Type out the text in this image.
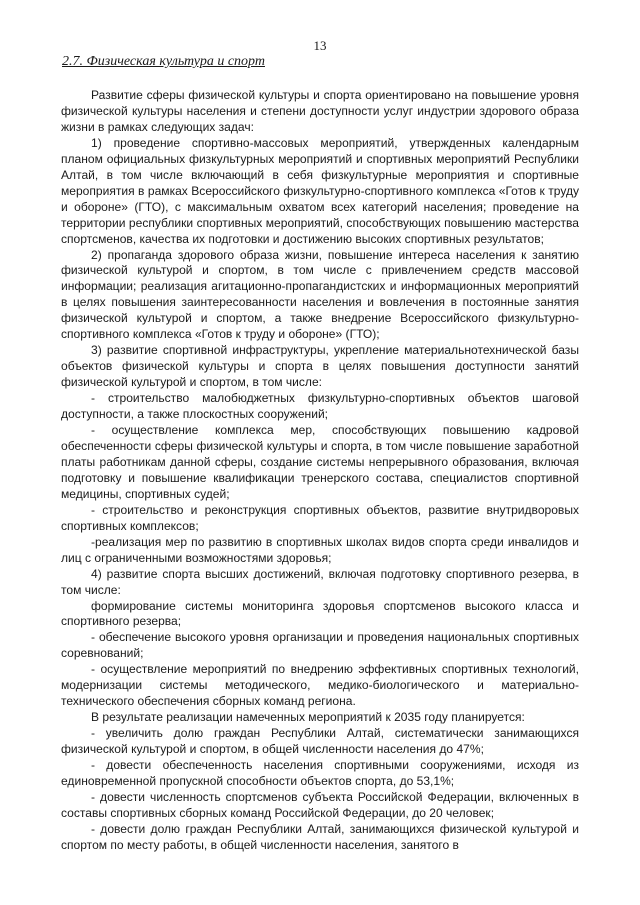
13
2.7. Физическая культура и спорт

Развитие сферы физической культуры и спорта ориентировано на повышение уровня физической культуры населения и степени доступности услуг индустрии здорового образа жизни в рамках следующих задач:

1) проведение спортивно-массовых мероприятий, утвержденных календарным планом официальных физкультурных мероприятий и спортивных мероприятий Республики Алтай, в том числе включающий в себя физкультурные мероприятия и спортивные мероприятия в рамках Всероссийского физкультурно-спортивного комплекса «Готов к труду и обороне» (ГТО), с максимальным охватом всех категорий населения; проведение на территории республики спортивных мероприятий, способствующих повышению мастерства спортсменов, качества их подготовки и достижению высоких спортивных результатов;

2) пропаганда здорового образа жизни, повышение интереса населения к занятию физической культурой и спортом, в том числе с привлечением средств массовой информации; реализация агитационно-пропагандистских и информационных мероприятий в целях повышения заинтересованности населения и вовлечения в постоянные занятия физической культурой и спортом, а также внедрение Всероссийского физкультурно-спортивного комплекса «Готов к труду и обороне» (ГТО);

3) развитие спортивной инфраструктуры, укрепление материальнотехнической базы объектов физической культуры и спорта в целях повышения доступности занятий физической культурой и спортом, в том числе:

- строительство малобюджетных физкультурно-спортивных объектов шаговой доступности, а также плоскостных сооружений;

- осуществление комплекса мер, способствующих повышению кадровой обеспеченности сферы физической культуры и спорта, в том числе повышение заработной платы работникам данной сферы, создание системы непрерывного образования, включая подготовку и повышение квалификации тренерского состава, специалистов спортивной медицины, спортивных судей;

- строительство и реконструкция спортивных объектов, развитие внутридворовых спортивных комплексов;

-реализация мер по развитию в спортивных школах видов спорта среди инвалидов и лиц с ограниченными возможностями здоровья;

4) развитие спорта высших достижений, включая подготовку спортивного резерва, в том числе:

формирование системы мониторинга здоровья спортсменов высокого класса и спортивного резерва;

- обеспечение высокого уровня организации и проведения национальных спортивных соревнований;

- осуществление мероприятий по внедрению эффективных спортивных технологий, модернизации системы методического, медико-биологического и материально-технического обеспечения сборных команд региона.

В результате реализации намеченных мероприятий к 2035 году планируется:

- увеличить долю граждан Республики Алтай, систематически занимающихся физической культурой и спортом, в общей численности населения до 47%;

- довести обеспеченность населения спортивными сооружениями, исходя из единовременной пропускной способности объектов спорта, до 53,1%;

- довести численность спортсменов субъекта Российской Федерации, включенных в составы спортивных сборных команд Российской Федерации, до 20 человек;

- довести долю граждан Республики Алтай, занимающихся физической культурой и спортом по месту работы, в общей численности населения, занятого в
